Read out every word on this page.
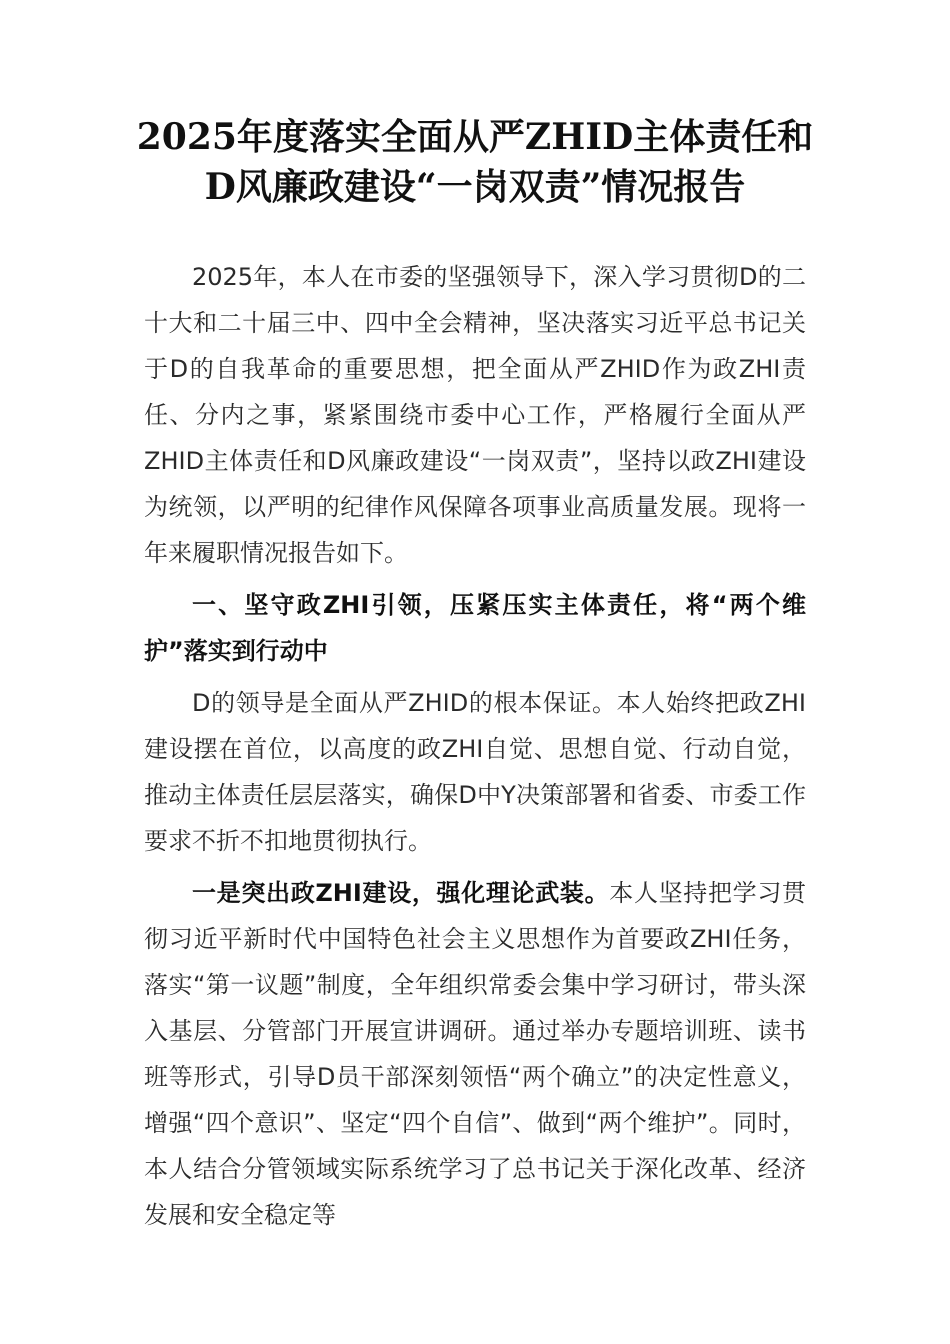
2025年度落实全面从严ZHID主体责任和
D风廉政建设“一岗双责”情况报告

2025年，本人在市委的坚强领导下，深入学习贯彻D的二十大和二十届三中、四中全会精神，坚决落实习近平总书记关于D的自我革命的重要思想，把全面从严ZHID作为政ZHI责任、分内之事，紧紧围绕市委中心工作，严格履行全面从严ZHID主体责任和D风廉政建设“一岗双责”，坚持以政ZHI建设为统领，以严明的纪律作风保障各项事业高质量发展。现将一年来履职情况报告如下。

一、坚守政ZHI引领，压紧压实主体责任，将“两个维护”落实到行动中

D的领导是全面从严ZHID的根本保证。本人始终把政ZHI建设摆在首位，以高度的政ZHI自觉、思想自觉、行动自觉，推动主体责任层层落实，确保D中Y决策部署和省委、市委工作要求不折不扣地贯彻执行。

一是突出政ZHI建设，强化理论武装。本人坚持把学习贯彻习近平新时代中国特色社会主义思想作为首要政ZHI任务，落实“第一议题”制度，全年组织常委会集中学习研讨，带头深入基层、分管部门开展宣讲调研。通过举办专题培训班、读书班等形式，引导D员干部深刻领悟“两个确立”的决定性意义，增强“四个意识”、坚定“四个自信”、做到“两个维护”。同时，本人结合分管领域实际系统学习了总书记关于深化改革、经济发展和安全稳定等
